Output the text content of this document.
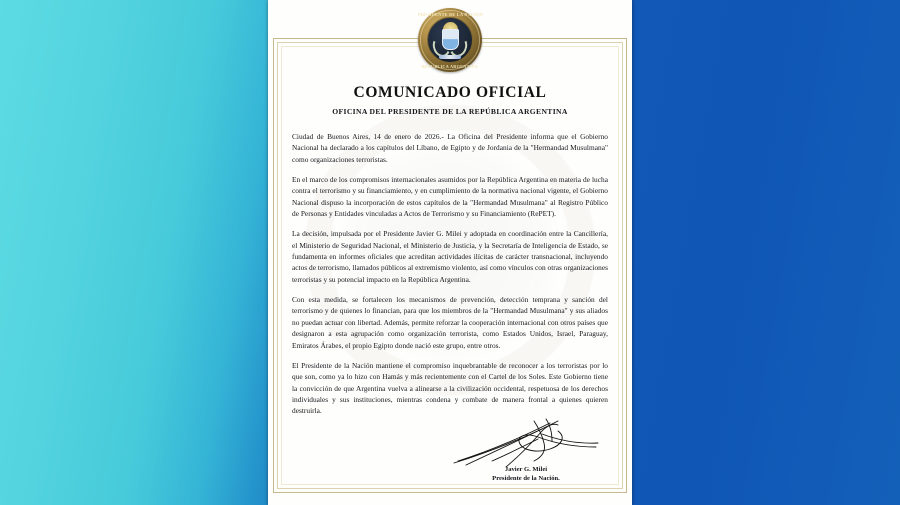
ARG
PRESIDENTE DE LA NACION
REPUBLICA ARGENTINA
COMUNICADO OFICIAL
OFICINA DEL PRESIDENTE DE LA REPÚBLICA ARGENTINA

Ciudad de Buenos Aires, 14 de enero de 2026.- La Oficina del Presidente informa que el Gobierno Nacional ha declarado a los capítulos del Líbano, de Egipto y de Jordania de la "Hermandad Musulmana" como organizaciones terroristas.

En el marco de los compromisos internacionales asumidos por la República Argentina en materia de lucha contra el terrorismo y su financiamiento, y en cumplimiento de la normativa nacional vigente, el Gobierno Nacional dispuso la incorporación de estos capítulos de la "Hermandad Musulmana" al Registro Público de Personas y Entidades vinculadas a Actos de Terrorismo y su Financiamiento (RePET).

La decisión, impulsada por el Presidente Javier G. Milei y adoptada en coordinación entre la Cancillería, el Ministerio de Seguridad Nacional, el Ministerio de Justicia, y la Secretaría de Inteligencia de Estado, se fundamenta en informes oficiales que acreditan actividades ilícitas de carácter transnacional, incluyendo actos de terrorismo, llamados públicos al extremismo violento, así como vínculos con otras organizaciones terroristas y su potencial impacto en la República Argentina.

Con esta medida, se fortalecen los mecanismos de prevención, detección temprana y sanción del terrorismo y de quienes lo financian, para que los miembros de la "Hermandad Musulmana" y sus aliados no puedan actuar con libertad. Además, permite reforzar la cooperación internacional con otros países que designaron a esta agrupación como organización terrorista, como Estados Unidos, Israel, Paraguay, Emiratos Árabes, el propio Egipto donde nació este grupo, entre otros.

El Presidente de la Nación mantiene el compromiso inquebrantable de reconocer a los terroristas por lo que son, como ya lo hizo con Hamás y más recientemente con el Cartel de los Soles. Este Gobierno tiene la convicción de que Argentina vuelva a alinearse a la civilización occidental, respetuosa de los derechos individuales y sus instituciones, mientras condena y combate de manera frontal a quienes quieren destruirla.

Javier G. Milei
Presidente de la Nación.
